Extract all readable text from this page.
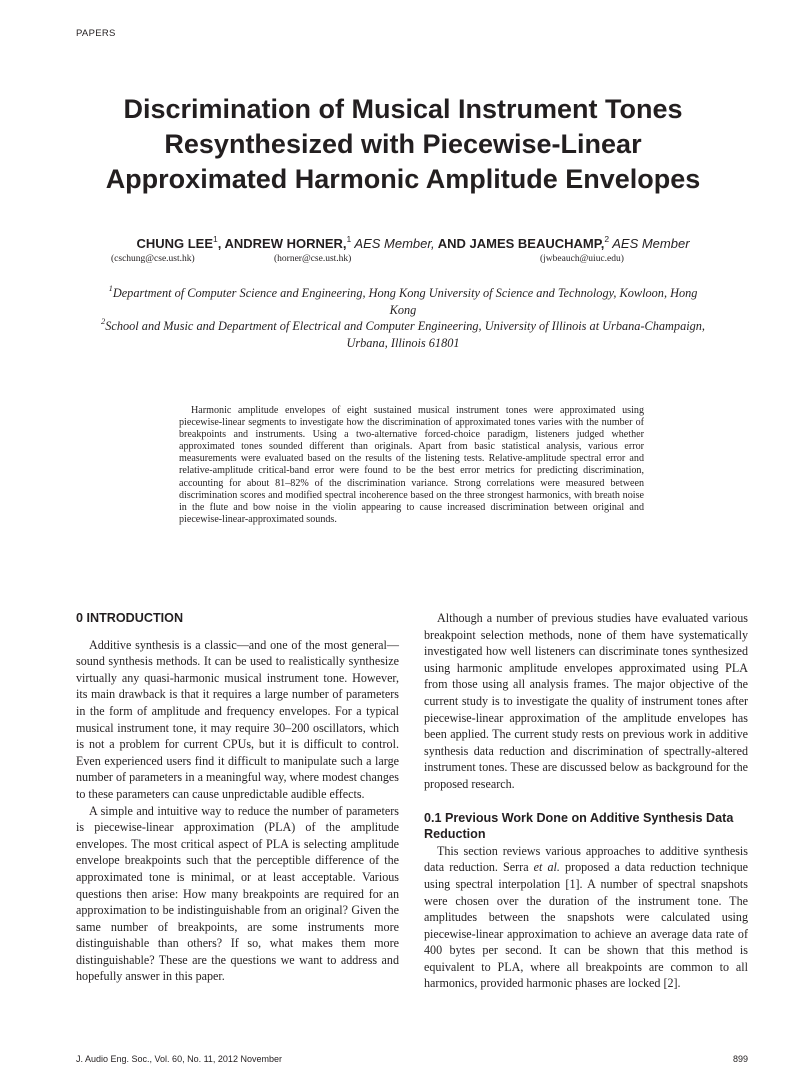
PAPERS
Discrimination of Musical Instrument Tones
Resynthesized with Piecewise-Linear
Approximated Harmonic Amplitude Envelopes
CHUNG LEE$^1$, ANDREW HORNER,$^1$ AES Member, AND JAMES BEAUCHAMP,$^2$ AES Member
(cschung@cse.ust.hk)	(horner@cse.ust.hk)	(jwbeauch@uiuc.edu)

$^1$Department of Computer Science and Engineering, Hong Kong University of Science and Technology, Kowloon, Hong Kong

$^2$School and Music and Department of Electrical and Computer Engineering, University of Illinois at Urbana-Champaign, Urbana, Illinois 61801

Harmonic amplitude envelopes of eight sustained musical instrument tones were approximated using piecewise-linear segments to investigate how the discrimination of approximated tones varies with the number of breakpoints and instruments. Using a two-alternative forced-choice paradigm, listeners judged whether approximated tones sounded different than originals. Apart from basic statistical analysis, various error measurements were evaluated based on the results of the listening tests. Relative-amplitude spectral error and relative-amplitude critical-band error were found to be the best error metrics for predicting discrimination, accounting for about 81–82% of the discrimination variance. Strong correlations were measured between discrimination scores and modified spectral incoherence based on the three strongest harmonics, with breath noise in the flute and bow noise in the violin appearing to cause increased discrimination between original and piecewise-linear-approximated sounds.

0 INTRODUCTION

Additive synthesis is a classic—and one of the most general—sound synthesis methods. It can be used to realistically synthesize virtually any quasi-harmonic musical instrument tone. However, its main drawback is that it requires a large number of parameters in the form of amplitude and frequency envelopes. For a typical musical instrument tone, it may require 30–200 oscillators, which is not a problem for current CPUs, but it is difficult to control. Even experienced users find it difficult to manipulate such a large number of parameters in a meaningful way, where modest changes to these parameters can cause unpredictable audible effects.

A simple and intuitive way to reduce the number of parameters is piecewise-linear approximation (PLA) of the amplitude envelopes. The most critical aspect of PLA is selecting amplitude envelope breakpoints such that the perceptible difference of the approximated tone is minimal, or at least acceptable. Various questions then arise: How many breakpoints are required for an approximation to be indistinguishable from an original? Given the same number of breakpoints, are some instruments more distinguishable than others? If so, what makes them more distinguishable? These are the questions we want to address and hopefully answer in this paper.

Although a number of previous studies have evaluated various breakpoint selection methods, none of them have systematically investigated how well listeners can discriminate tones synthesized using harmonic amplitude envelopes approximated using PLA from those using all analysis frames. The major objective of the current study is to investigate the quality of instrument tones after piecewise-linear approximation of the amplitude envelopes has been applied. The current study rests on previous work in additive synthesis data reduction and discrimination of spectrally-altered instrument tones. These are discussed below as background for the proposed research.

0.1 Previous Work Done on Additive Synthesis Data Reduction

This section reviews various approaches to additive synthesis data reduction. Serra et al. proposed a data reduction technique using spectral interpolation [1]. A number of spectral snapshots were chosen over the duration of the instrument tone. The amplitudes between the snapshots were calculated using piecewise-linear approximation to achieve an average data rate of 400 bytes per second. It can be shown that this method is equivalent to PLA, where all breakpoints are common to all harmonics, provided harmonic phases are locked [2].

J. Audio Eng. Soc., Vol. 60, No. 11, 2012 November	899
